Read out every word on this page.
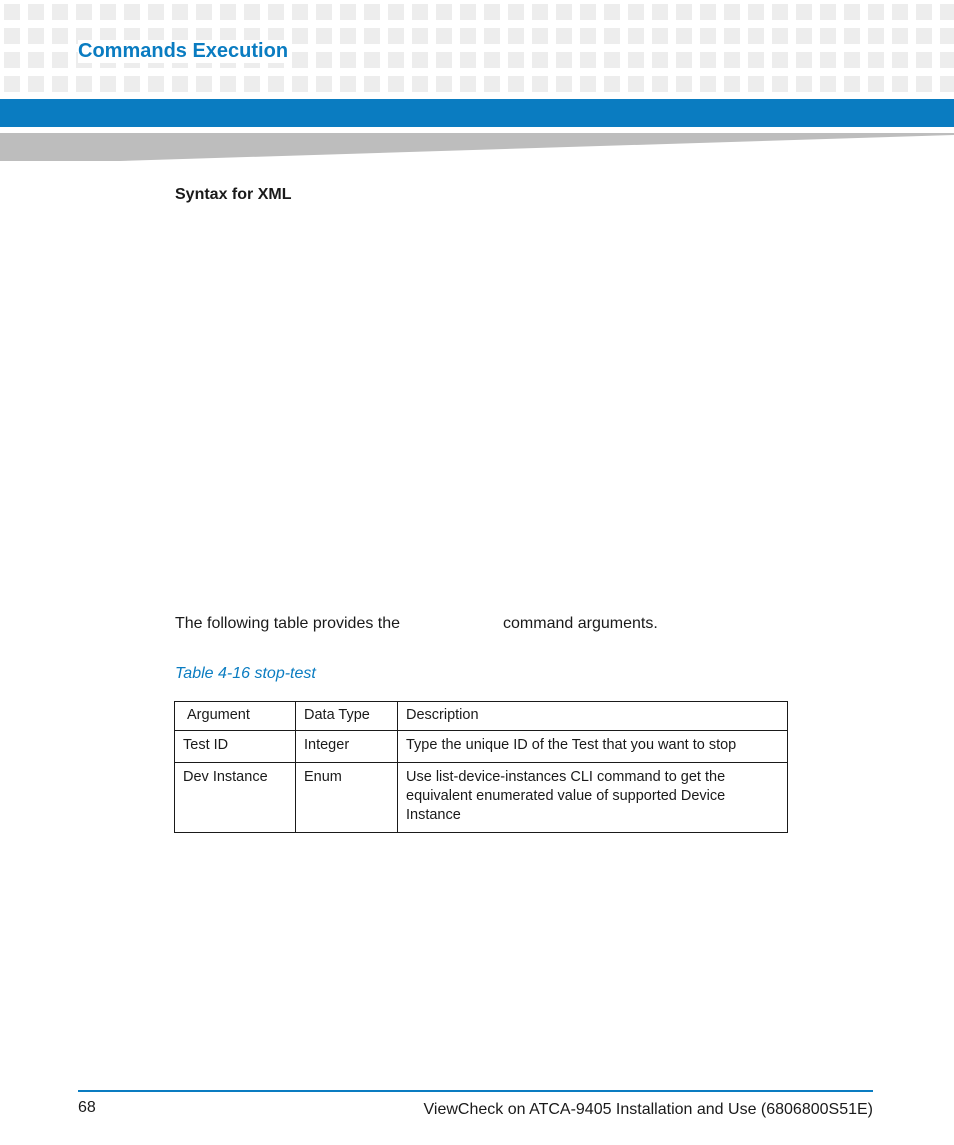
Commands Execution
Syntax for XML
The following table provides the	command arguments.
Table 4-16 stop-test
Argument	Data Type	Description
Test ID	Integer	Type the unique ID of the Test that you want to stop
Dev Instance	Enum	Use list-device-instances CLI command to get the equivalent enumerated value of supported Device Instance
68	ViewCheck on ATCA-9405 Installation and Use (6806800S51E)
